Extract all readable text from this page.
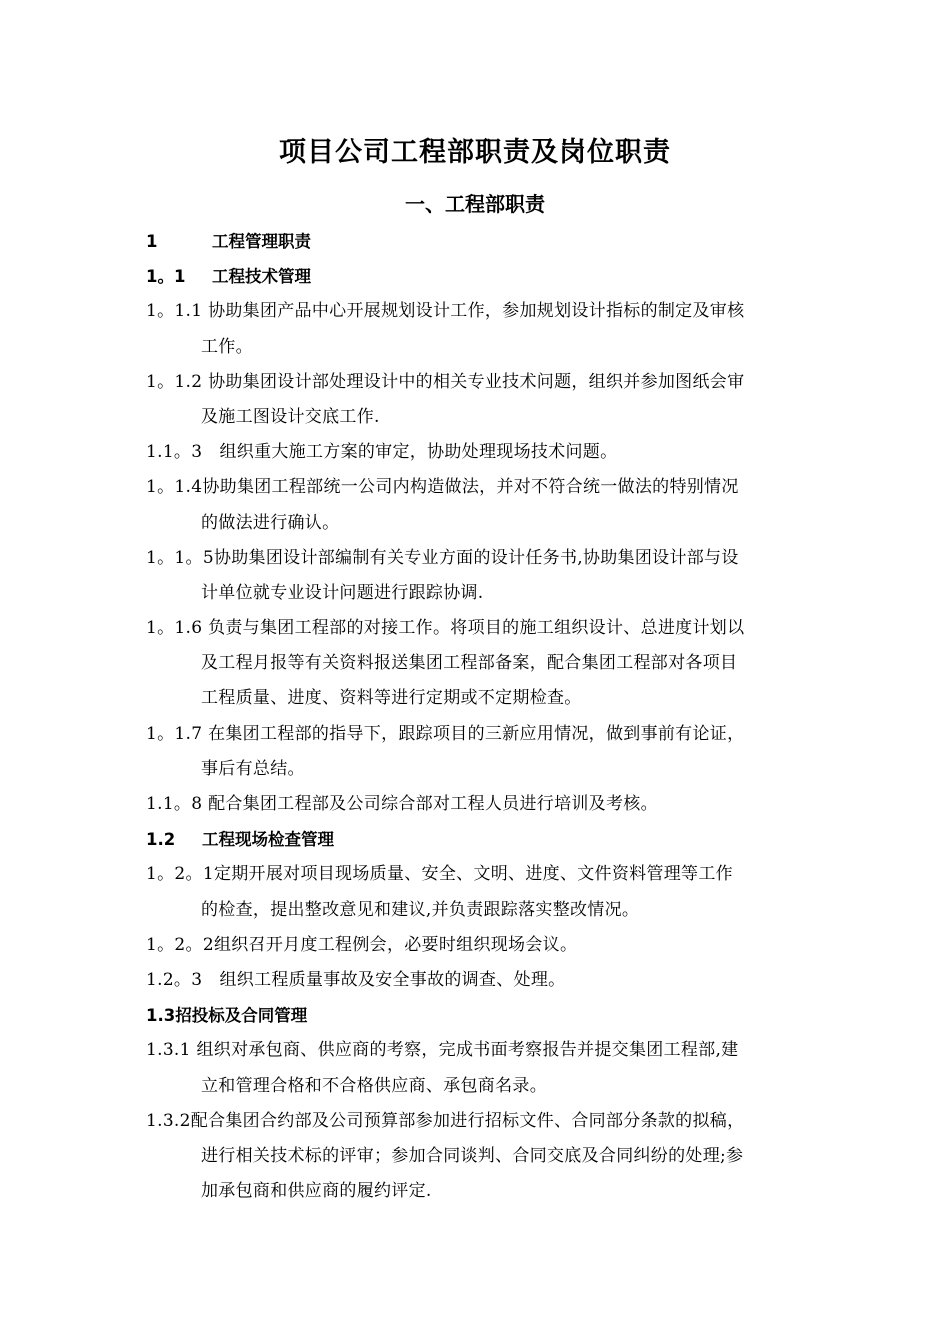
项目公司工程部职责及岗位职责
一、工程部职责
1	工程管理职责
1。1 工程技术管理
1。1.1 协助集团产品中心开展规划设计工作，参加规划设计指标的制定及审核
工作。
1。1.2 协助集团设计部处理设计中的相关专业技术问题，组织并参加图纸会审
及施工图设计交底工作.
1.1。3 组织重大施工方案的审定，协助处理现场技术问题。
1。1.4协助集团工程部统一公司内构造做法，并对不符合统一做法的特别情况
的做法进行确认。
1。1。5协助集团设计部编制有关专业方面的设计任务书,协助集团设计部与设
计单位就专业设计问题进行跟踪协调.
1。1.6 负责与集团工程部的对接工作。将项目的施工组织设计、总进度计划以
及工程月报等有关资料报送集团工程部备案，配合集团工程部对各项目
工程质量、进度、资料等进行定期或不定期检查。
1。1.7 在集团工程部的指导下，跟踪项目的三新应用情况，做到事前有论证，
事后有总结。
1.1。8 配合集团工程部及公司综合部对工程人员进行培训及考核。
1.2 工程现场检查管理
1。2。1定期开展对项目现场质量、安全、文明、进度、文件资料管理等工作
的检查，提出整改意见和建议,并负责跟踪落实整改情况。
1。2。2组织召开月度工程例会，必要时组织现场会议。
1.2。3 组织工程质量事故及安全事故的调查、处理。
1.3招投标及合同管理
1.3.1 组织对承包商、供应商的考察，完成书面考察报告并提交集团工程部,建
立和管理合格和不合格供应商、承包商名录。
1.3.2配合集团合约部及公司预算部参加进行招标文件、合同部分条款的拟稿，
进行相关技术标的评审；参加合同谈判、合同交底及合同纠纷的处理;参
加承包商和供应商的履约评定.
